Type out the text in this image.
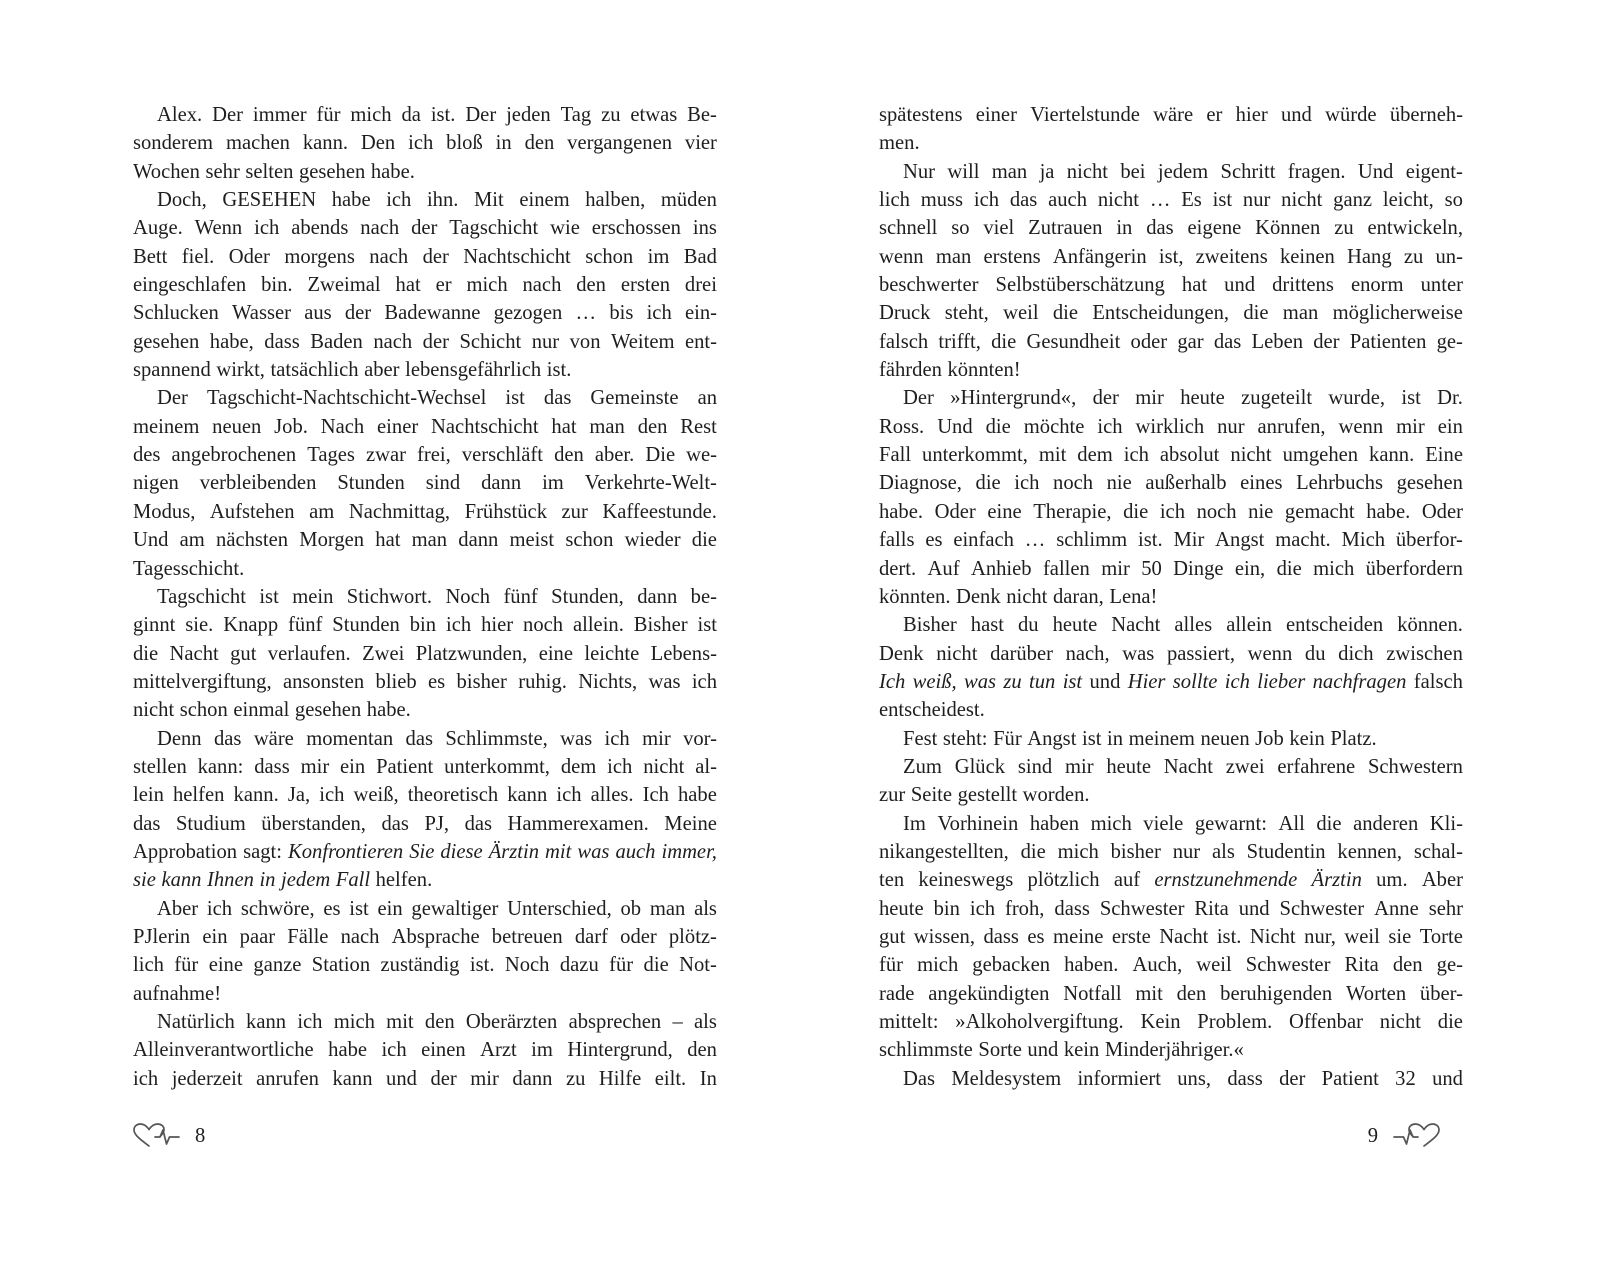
Alex. Der immer für mich da ist. Der jeden Tag zu etwas Be-
sonderem machen kann. Den ich bloß in den vergangenen vier
Wochen sehr selten gesehen habe.
Doch, GESEHEN habe ich ihn. Mit einem halben, müden
Auge. Wenn ich abends nach der Tagschicht wie erschossen ins
Bett fiel. Oder morgens nach der Nachtschicht schon im Bad
eingeschlafen bin. Zweimal hat er mich nach den ersten drei
Schlucken Wasser aus der Badewanne gezogen … bis ich ein-
gesehen habe, dass Baden nach der Schicht nur von Weitem ent-
spannend wirkt, tatsächlich aber lebensgefährlich ist.
Der Tagschicht-Nachtschicht-Wechsel ist das Gemeinste an
meinem neuen Job. Nach einer Nachtschicht hat man den Rest
des angebrochenen Tages zwar frei, verschläft den aber. Die we-
nigen verbleibenden Stunden sind dann im Verkehrte-Welt-
Modus, Aufstehen am Nachmittag, Frühstück zur Kaffeestunde.
Und am nächsten Morgen hat man dann meist schon wieder die
Tagesschicht.
Tagschicht ist mein Stichwort. Noch fünf Stunden, dann be-
ginnt sie. Knapp fünf Stunden bin ich hier noch allein. Bisher ist
die Nacht gut verlaufen. Zwei Platzwunden, eine leichte Lebens-
mittelvergiftung, ansonsten blieb es bisher ruhig. Nichts, was ich
nicht schon einmal gesehen habe.
Denn das wäre momentan das Schlimmste, was ich mir vor-
stellen kann: dass mir ein Patient unterkommt, dem ich nicht al-
lein helfen kann. Ja, ich weiß, theoretisch kann ich alles. Ich habe
das Studium überstanden, das PJ, das Hammerexamen. Meine
Approbation sagt: Konfrontieren Sie diese Ärztin mit was auch immer,
sie kann Ihnen in jedem Fall helfen.
Aber ich schwöre, es ist ein gewaltiger Unterschied, ob man als
PJlerin ein paar Fälle nach Absprache betreuen darf oder plötz-
lich für eine ganze Station zuständig ist. Noch dazu für die Not-
aufnahme!
Natürlich kann ich mich mit den Oberärzten absprechen – als
Alleinverantwortliche habe ich einen Arzt im Hintergrund, den
ich jederzeit anrufen kann und der mir dann zu Hilfe eilt. In
spätestens einer Viertelstunde wäre er hier und würde überneh-
men.
Nur will man ja nicht bei jedem Schritt fragen. Und eigent-
lich muss ich das auch nicht … Es ist nur nicht ganz leicht, so
schnell so viel Zutrauen in das eigene Können zu entwickeln,
wenn man erstens Anfängerin ist, zweitens keinen Hang zu un-
beschwerter Selbstüberschätzung hat und drittens enorm unter
Druck steht, weil die Entscheidungen, die man möglicherweise
falsch trifft, die Gesundheit oder gar das Leben der Patienten ge-
fährden könnten!
Der »Hintergrund«, der mir heute zugeteilt wurde, ist Dr.
Ross. Und die möchte ich wirklich nur anrufen, wenn mir ein
Fall unterkommt, mit dem ich absolut nicht umgehen kann. Eine
Diagnose, die ich noch nie außerhalb eines Lehrbuchs gesehen
habe. Oder eine Therapie, die ich noch nie gemacht habe. Oder
falls es einfach … schlimm ist. Mir Angst macht. Mich überfor-
dert. Auf Anhieb fallen mir 50 Dinge ein, die mich überfordern
könnten. Denk nicht daran, Lena!
Bisher hast du heute Nacht alles allein entscheiden können.
Denk nicht darüber nach, was passiert, wenn du dich zwischen
Ich weiß, was zu tun ist und Hier sollte ich lieber nachfragen falsch
entscheidest.
Fest steht: Für Angst ist in meinem neuen Job kein Platz.
Zum Glück sind mir heute Nacht zwei erfahrene Schwestern
zur Seite gestellt worden.
Im Vorhinein haben mich viele gewarnt: All die anderen Kli-
nikangestellten, die mich bisher nur als Studentin kennen, schal-
ten keineswegs plötzlich auf ernstzunehmende Ärztin um. Aber
heute bin ich froh, dass Schwester Rita und Schwester Anne sehr
gut wissen, dass es meine erste Nacht ist. Nicht nur, weil sie Torte
für mich gebacken haben. Auch, weil Schwester Rita den ge-
rade angekündigten Notfall mit den beruhigenden Worten über-
mittelt: »Alkoholvergiftung. Kein Problem. Offenbar nicht die
schlimmste Sorte und kein Minderjähriger.«
Das Meldesystem informiert uns, dass der Patient 32 und
8	9
